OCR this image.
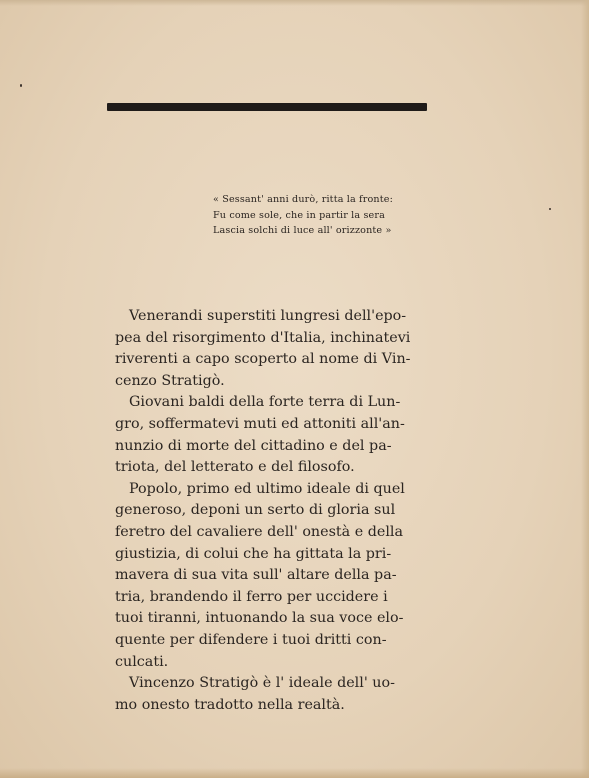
« Sessant' anni durò, ritta la fronte:
Fu come sole, che in partir la sera
Lascia solchi di luce all' orizzonte »
Venerandi superstiti lungresi dell'epo-
pea del risorgimento d'Italia, inchinatevi
riverenti a capo scoperto al nome di Vin-
cenzo Stratigò.
Giovani baldi della forte terra di Lun-
gro, soffermatevi muti ed attoniti all'an-
nunzio di morte del cittadino e del pa-
triota, del letterato e del filosofo.
Popolo, primo ed ultimo ideale di quel
generoso, deponi un serto di gloria sul
feretro del cavaliere dell' onestà e della
giustizia, di colui che ha gittata la pri-
mavera di sua vita sull' altare della pa-
tria, brandendo il ferro per uccidere i
tuoi tiranni, intuonando la sua voce elo-
quente per difendere i tuoi dritti con-
culcati.
Vincenzo Stratigò è l' ideale dell' uo-
mo onesto tradotto nella realtà.
